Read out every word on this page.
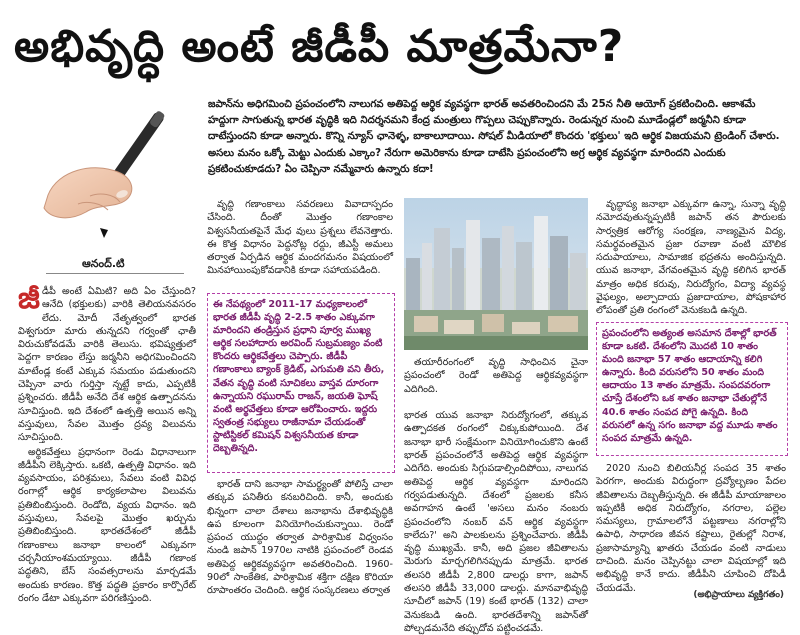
అభివృద్ధి అంటే జీడీపీ మాత్రమేనా?
ఆనంద్.టి
జపాన్‌ను అధిగమించి ప్రపంచంలోని నాలుగవ అతిపెద్ద ఆర్థిక వ్యవస్థగా భారత్ అవతరించిందని మే 25న నీతి ఆయోగ్ ప్రకటించింది. ఆకాశమే హద్దుగా సాగుతున్న భారత వృద్ధికి ఇది నిదర్శనమని కేంద్ర మంత్రులు గొప్పలు చెప్పుకొన్నారు. రెండున్నర నుంచి మూడేండ్లలో జర్మనీని కూడా దాటేస్తుందని కూడా అన్నారు. కొన్ని న్యూస్ ఛానెళ్ళ, బాకాలూదాయి. సోషల్ మీడియాలో కొందరు 'భక్తులు' ఇది ఆర్థిక విజయమని ట్రెండింగ్ చేశారు. అసలు మనం ఒక్కో మెట్టు ఎందుకు ఎక్కాం? నేరుగా అమెరికాను కూడా దాటేసి ప్రపంచంలోని అగ్ర ఆర్థిక వ్యవస్థగా మారిందని ఎందుకు ప్రకటించుకూడదు? ఏం చెప్పినా నమ్మేవారు ఉన్నారు కదా!

జీడీపీ అంటే ఏమిటి? అది ఏం చేస్తుంది? ఆనేది (భక్తులకు) వారికి తెలియనవసరం లేదు. మోదీ నేతృత్వంలో భారత విశ్వగురూ మారు తున్నదని గర్వంతో ఛాతీ విరుచుకోవడమే వారికి తెలుసు. భవిష్యత్తులో పెద్దగా కారణం లేస్తు జర్మనీని అధిగమించిందని మాటేండ్ల కంటే ఎక్కువ సమయం పడుతుందని చెప్పినా వారు గుర్తిస్తా న్నట్టే కాదు, ఎప్పటికీ ప్రశ్నించరు. జీడీపీ అనేది దేశ ఆర్థిక ఉత్పాదనను సూచిస్తుంది. ఇది దేశంలో ఉత్పత్తి అయిన అన్ని వస్తువులు, సేవల మొత్తం ద్రవ్య విలువను సూచిస్తుంది.

అర్థికవేత్తలు ప్రధానంగా రెండు విధానాలుగా జీడీపీని లెక్కిస్తారు. ఒకటి, ఉత్పత్తి విధానం. ఇది వ్యవసాయం, పరిశ్రమలు, సేవలు వంటి వివిధ రంగాల్లో ఆర్థిక కార్యకలాపాల విలువను ప్రతిబింబిస్తుంది. రెండోది, వ్యయ విధానం. ఇది వస్తువులు, సేవలపై మొత్తం ఖర్చును ప్రతిబింబిస్తుంది. భారతదేశంలో జీడీపీ గణాంకాలు జనాభా కాలంలో ఎక్కువగా చర్చనీయాంశమయ్యాయి. జీడీపీ గణాంక పద్ధతిని, బేస్ సంవత్సరాలను మార్చడమే అందుకు కారణం. కొత్త పద్ధతి ప్రకారం కార్పొరేట్ రంగం డేటా ఎక్కువగా పరిగణిస్తుంది.

వృద్ధి గణాంకాలు సవరణలు వివాదాస్పదం చేసింది. దీంతో మొత్తం గణాంకాల విశ్వసనీయతపైనే మేధ వులు ప్రశ్నలు లేవనెత్తారు. ఈ కొత్త విధానం పెద్దనోట్ల రద్దు, జీఎస్టీ అమలు తర్వాత ఏర్పడిన ఆర్థిక మందగమనం విషయంలో మినహాయింపుకోవడానికి కూడా సహాయపడింది.

ఈ నేపథ్యంలో 2011-17 మధ్యకాలంలో భారత జీడీపీ వృద్ధి 2-2.5 శాతం ఎక్కువగా మారిందని తండ్రిస్తున ప్రధాని పూర్వ ముఖ్య ఆర్థిక సలహాదారు అరవింద్ సుబ్రమణ్యం వంటి కొందరు ఆర్థికవేత్తలు చెప్పారు. జీడీపీ గణాంకాలు బ్యాంక్ క్రెడిట్, ఎగుమతి వని తీరు, వేతన వృద్ధి వంటి సూచికలు వాస్తవ దూరంగా ఉన్నాయని రఘురామ్ రాజన్, జయతి ఘోష్ వంటి అర్థవేత్తలు కూడా ఆరోపించారు. ఇద్దరు స్వతంత్ర సభ్యులు రాజీనామా చేయడంతో స్టాటిస్టికల్ కమిషన్ విశ్వసనీయత కూడా దెబ్బతిన్నది.

భారత్ దాని జనాభా సామర్థ్యంతో పోలిస్తే చాలా తక్కువ పనితీరు కనబరిచింది. కానీ, అందుకు భిన్నంగా చాలా దేశాలు జనాభాను దేశాభివృద్ధికి ఉప కూలంగా వినియోగించుకున్నాయి. రెండో ప్రపంచ యుద్ధం తర్వాత పారిశ్రామిక విధ్వంసం నుండి జపాన్ 1970ల నాటికి ప్రపంచంలో రెండవ అతిపెద్ద ఆర్థికవ్యవస్థగా అవతరించింది. 1960-90లో సాంకేతిక, పారిశ్రామిక శక్తిగా దక్షిణ కొరియా రూపాంతరం చెందింది. ఆర్థిక సంస్కరణలు తర్వాత

తయారీరంగంలో వృద్ధి సాధించిన చైనా ప్రపంచంలో రెండో అతిపెద్ద ఆర్థికవ్యవస్థగా ఎదిగింది.

భారత యువ జనాభా నిరుద్యోగంలో, తక్కువ ఉత్పాదకత రంగంలో చిక్కుకుపోయింది. దేశ జనాభా భారీ సంక్షేమంగా వినియోగించుకొని ఉంటే భారత్ ప్రపంచంలోనే అతిపెద్ద ఆర్థిక వ్యవస్థగా ఎదిగేది. అందుకు సిగ్గుపడాల్సిందిపోయి, నాలుగవ అతిపెద్ద ఆర్థిక వ్యవస్థగా మారిందని గర్వపడుతున్నది. దేశంలో ప్రజలకు కనీస అవగాహన ఉంటే 'అసలు మనం నంబరు ప్రపంచంలోని నంబర్ వన్ ఆర్థిక వ్యవస్థగా కాలేదు?' అని పాలకులను ప్రశ్నించేవారు. జీడీపీ వృద్ధి ముఖ్యమే. కానీ, అది ప్రజల జీవితాలను మెరుగు మార్చగలిగినప్పుడు మాత్రమే. భారత తలసరి జీడీపీ 2,800 డాలర్లు కాగా, జపాన్ తలసరి జీడీపీ 33,000 డాలర్లు. మానవాభివృద్ధి సూచీలో జపాన్ (19) కంటే భారత్ (132) చాలా వెనుకబడి ఉంది. భారతదేశాన్ని జపాన్‌తో పోల్చడమనేది తప్పుదోవ పట్టించడమే.

వృద్ధాప్య జనాభా ఎక్కువగా ఉన్నా, సున్నా వృద్ధి నమోదవుతున్నప్పటికీ జపాన్ తన పౌరులకు సార్వత్రిక ఆరోగ్య సంరక్షణ, నాణ్యమైన విద్య, సమర్థవంతమైన ప్రజా రవాణా వంటి మౌలిక సదుపాయాలు, సామాజిక భద్రతను అందిస్తున్నది. యువ జనాభా, వేగవంతమైన వృద్ధి కలిగిన భారత్ మాత్రం అధిక కరువు, నిరుద్యోగం, విద్యా వ్యవస్థ వైఫల్యం, అల్పాదాయ ప్రజాదాయాల, పోషకాహార లోపంతో ప్రతి రంగంలో వెనుకబడి ఉన్నది.

ప్రపంచంలోని అత్యంత అసమాన దేశాల్లో భారత్ కూడా ఒకటి. దేశంలోని మొదటి 10 శాతం మంది జనాభా 57 శాతం ఆదాయాన్ని కలిగి ఉన్నారు. కింది వరుసలోని 50 శాతం మంది ఆదాయం 13 శాతం మాత్రమే. సంపదవరంగా చూస్తే దేశంలోని ఒక శాతం జనాభా చేతుల్లోనే 40.6 శాతం సంపద పోగై ఉన్నది. కింది వరుసలో ఉన్న సగం జనాభా వద్ద మూడు శాతం సంపద మాత్రమే ఉన్నది.

2020 నుంచి బిలియనీర్ల సంపద 35 శాతం పెరగగా, అందుకు విరుద్ధంగా ద్రవ్యోల్బణం పేదల జీవితాలను దెబ్బతీస్తున్నది. ఈ జీడీపీ మాయాజాలం ఇప్పటికీ అధిక నిరుద్యోగం, నగరాల, పల్లెల సమస్యలు, గ్రామాలలోనే పట్టణాలు నగరాల్లోని ఉపాధి, సాధారణ జీవన కష్టాలు, రైతుల్లో నిరాశ, ప్రజాసామ్యాన్ని ఖాతరు చేయడం వంటి నాడులు దాచింది. మనం చెప్పినట్టు చాలా విషయాల్లో ఇది అభివృద్ధి కానే కాదు. జీడీపీని చూపించి దోపిడీ చేయడమే.

(అభిప్రాయాలు వ్యక్తిగతం)
